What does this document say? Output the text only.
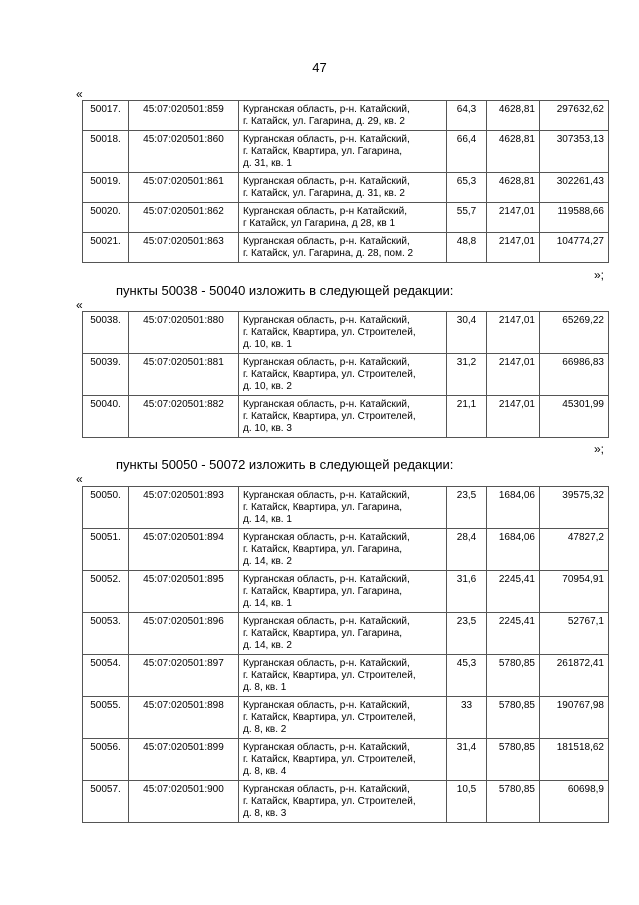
47
«
50017.	45:07:020501:859	Курганская область, р-н. Катайский,
г. Катайск, ул. Гагарина, д. 29, кв. 2	64,3	4628,81	297632,62
50018.	45:07:020501:860	Курганская область, р-н. Катайский,
г. Катайск, Квартира, ул. Гагарина,
д. 31, кв. 1	66,4	4628,81	307353,13
50019.	45:07:020501:861	Курганская область, р-н. Катайский,
г. Катайск, ул. Гагарина, д. 31, кв. 2	65,3	4628,81	302261,43
50020.	45:07:020501:862	Курганская область, р-н Катайский,
г Катайск, ул Гагарина, д 28, кв 1	55,7	2147,01	119588,66
50021.	45:07:020501:863	Курганская область, р-н. Катайский,
г. Катайск, ул. Гагарина, д. 28, пом. 2	48,8	2147,01	104774,27
»;
пункты 50038 - 50040 изложить в следующей редакции:
«
50038.	45:07:020501:880	Курганская область, р-н. Катайский,
г. Катайск, Квартира, ул. Строителей,
д. 10, кв. 1	30,4	2147,01	65269,22
50039.	45:07:020501:881	Курганская область, р-н. Катайский,
г. Катайск, Квартира, ул. Строителей,
д. 10, кв. 2	31,2	2147,01	66986,83
50040.	45:07:020501:882	Курганская область, р-н. Катайский,
г. Катайск, Квартира, ул. Строителей,
д. 10, кв. 3	21,1	2147,01	45301,99
»;
пункты 50050 - 50072 изложить в следующей редакции:
«
50050.	45:07:020501:893	Курганская область, р-н. Катайский,
г. Катайск, Квартира, ул. Гагарина,
д. 14, кв. 1	23,5	1684,06	39575,32
50051.	45:07:020501:894	Курганская область, р-н. Катайский,
г. Катайск, Квартира, ул. Гагарина,
д. 14, кв. 2	28,4	1684,06	47827,2
50052.	45:07:020501:895	Курганская область, р-н. Катайский,
г. Катайск, Квартира, ул. Гагарина,
д. 14, кв. 1	31,6	2245,41	70954,91
50053.	45:07:020501:896	Курганская область, р-н. Катайский,
г. Катайск, Квартира, ул. Гагарина,
д. 14, кв. 2	23,5	2245,41	52767,1
50054.	45:07:020501:897	Курганская область, р-н. Катайский,
г. Катайск, Квартира, ул. Строителей,
д. 8, кв. 1	45,3	5780,85	261872,41
50055.	45:07:020501:898	Курганская область, р-н. Катайский,
г. Катайск, Квартира, ул. Строителей,
д. 8, кв. 2	33	5780,85	190767,98
50056.	45:07:020501:899	Курганская область, р-н. Катайский,
г. Катайск, Квартира, ул. Строителей,
д. 8, кв. 4	31,4	5780,85	181518,62
50057.	45:07:020501:900	Курганская область, р-н. Катайский,
г. Катайск, Квартира, ул. Строителей,
д. 8, кв. 3	10,5	5780,85	60698,9
